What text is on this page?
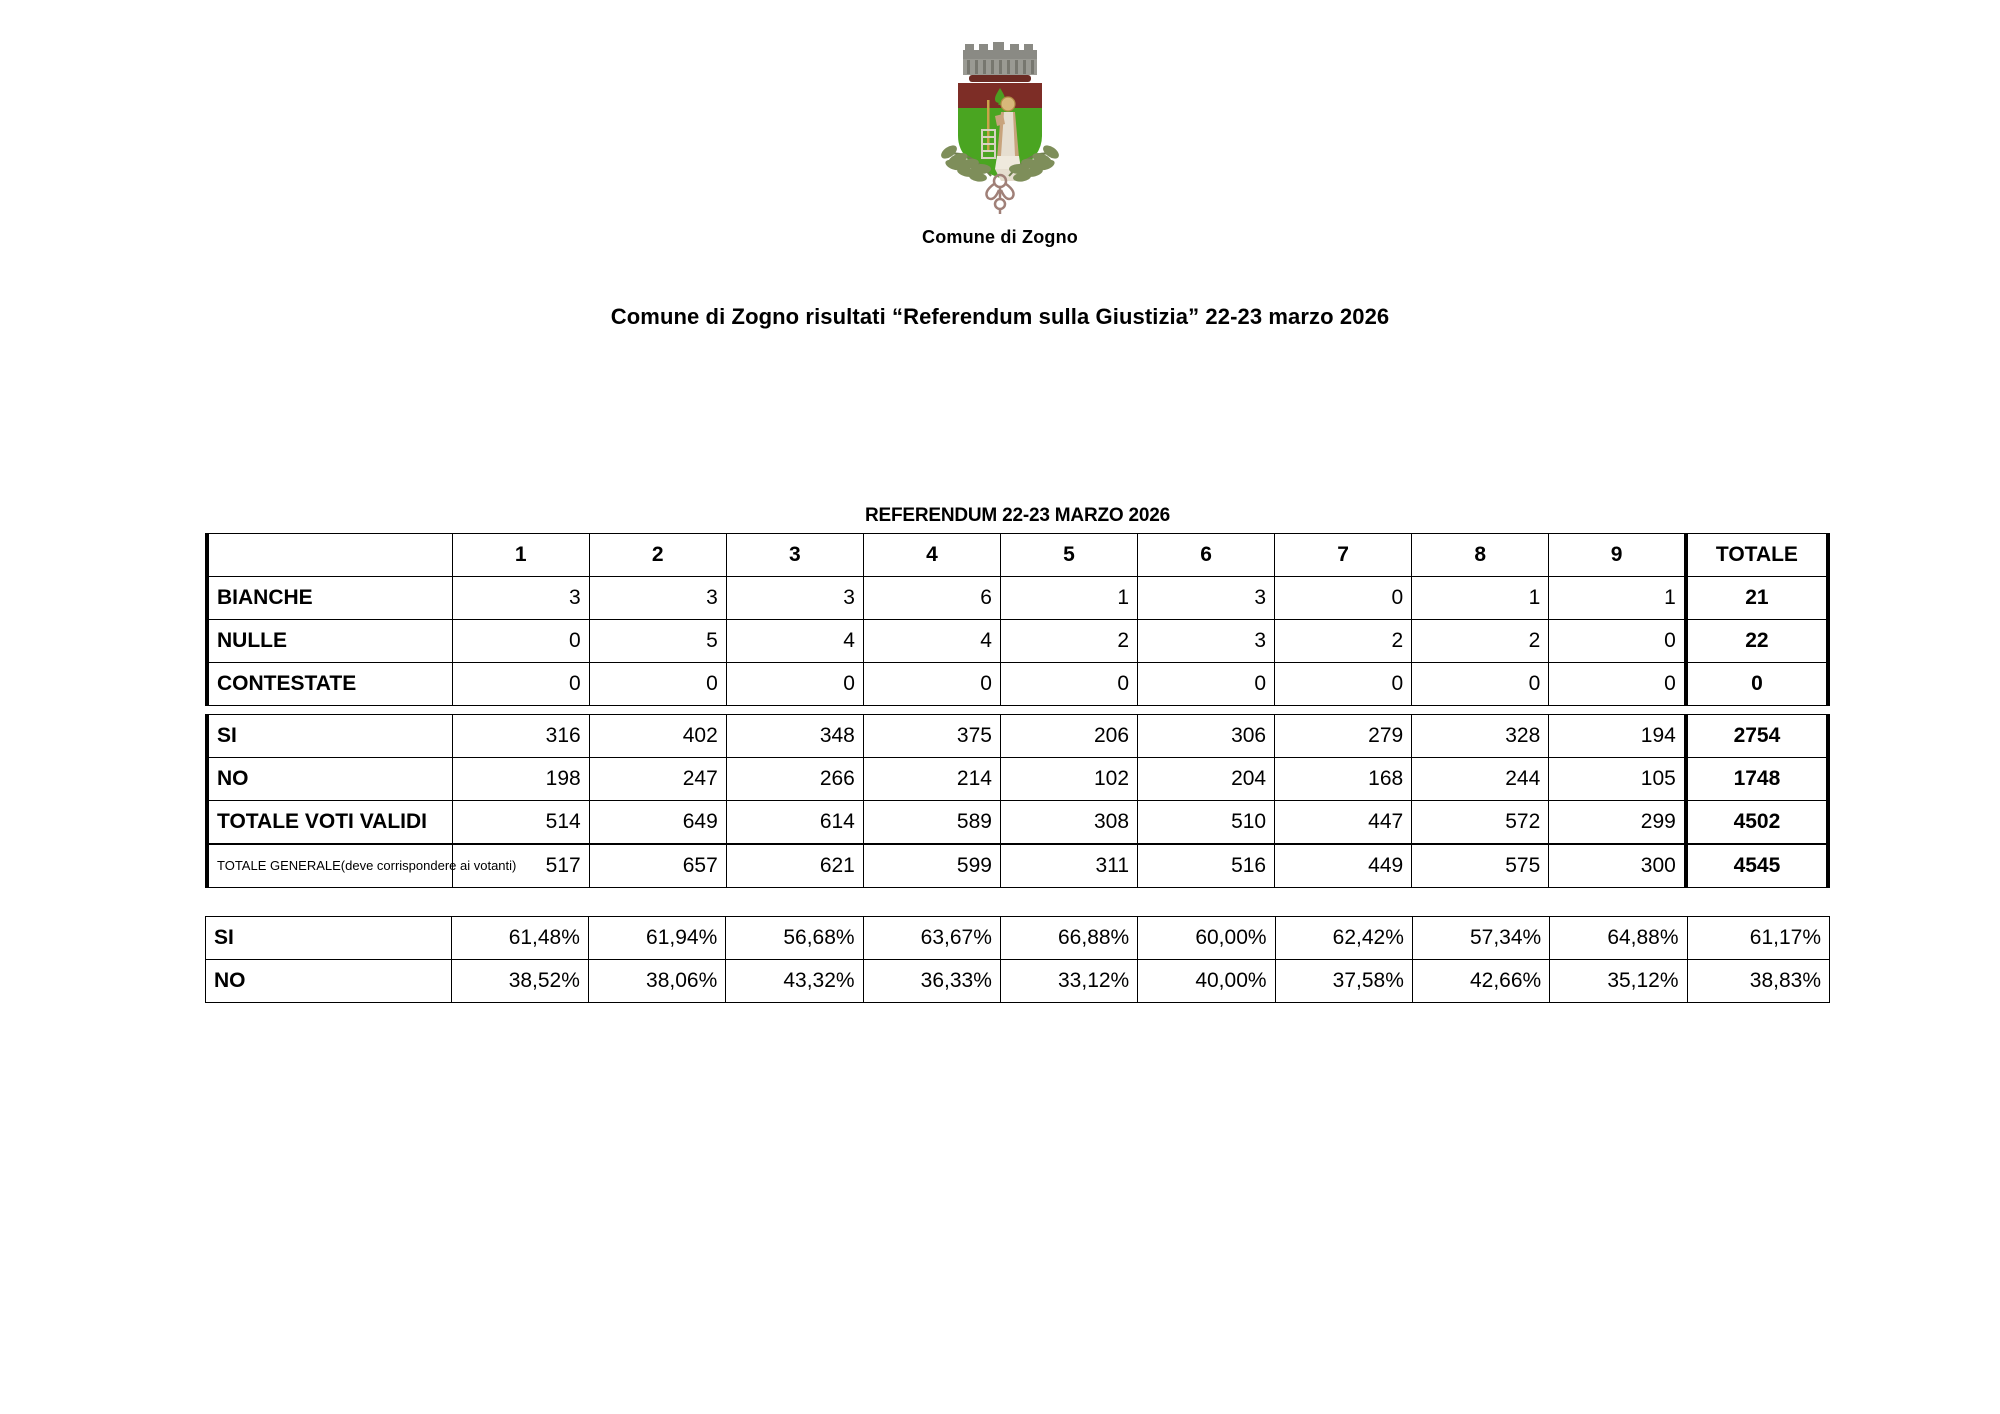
Comune di Zogno
Comune di Zogno risultati “Referendum sulla Giustizia” 22-23 marzo 2026
REFERENDUM 22-23 MARZO 2026
	1	2	3	4	5	6	7	8	9	TOTALE
BIANCHE	3	3	3	6	1	3	0	1	1	21
NULLE	0	5	4	4	2	3	2	2	0	22
CONTESTATE	0	0	0	0	0	0	0	0	0	0
SI	316	402	348	375	206	306	279	328	194	2754
NO	198	247	266	214	102	204	168	244	105	1748
TOTALE VOTI VALIDI	514	649	614	589	308	510	447	572	299	4502
TOTALE GENERALE(deve corrispondere ai votanti)	517	657	621	599	311	516	449	575	300	4545
SI	61,48%	61,94%	56,68%	63,67%	66,88%	60,00%	62,42%	57,34%	64,88%	61,17%
NO	38,52%	38,06%	43,32%	36,33%	33,12%	40,00%	37,58%	42,66%	35,12%	38,83%
